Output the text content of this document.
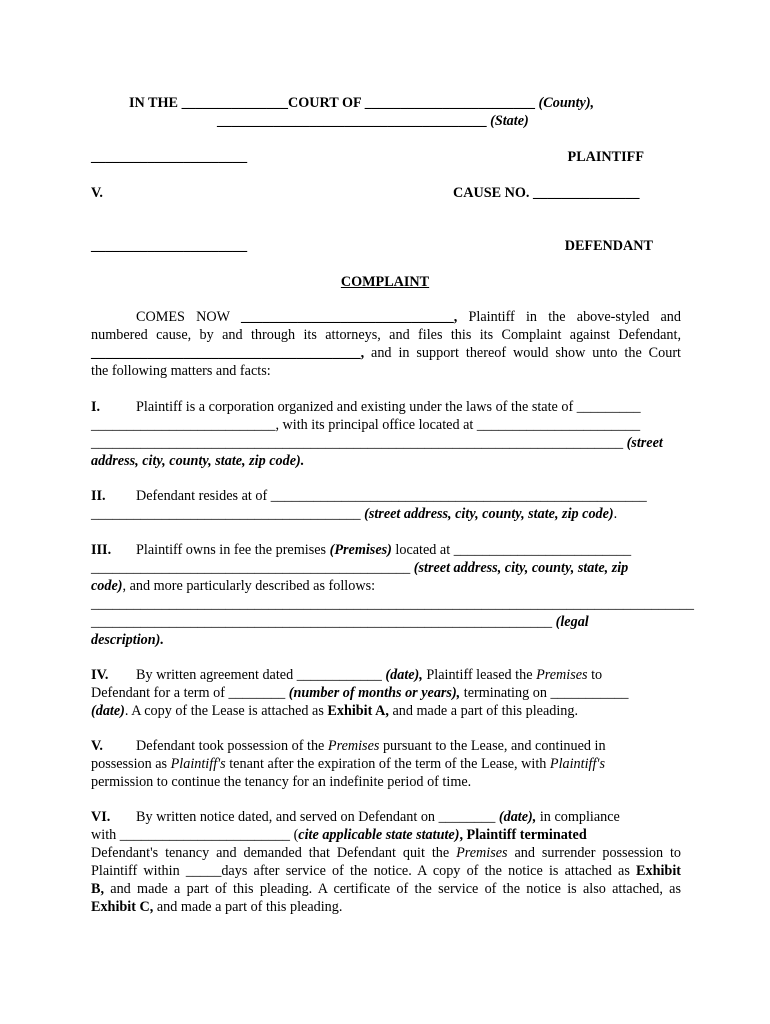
IN THE _______________COURT OF ________________________ (County),
______________________________________ (State)
______________________	PLAINTIFF
V.	CAUSE NO. _______________
______________________	DEFENDANT
COMPLAINT
COMES NOW ______________________________, Plaintiff in the above-styled and
numbered cause, by and through its attorneys, and files this its Complaint against Defendant,
______________________________________, and in support thereof would show unto the Court
the following matters and facts:
I.	Plaintiff is a corporation organized and existing under the laws of the state of _________
__________________________, with its principal office located at _______________________
___________________________________________________________________________ (street
address, city, county, state, zip code).
II. Defendant resides at of _____________________________________________________
______________________________________ (street address, city, county, state, zip code).
III. Plaintiff owns in fee the premises (Premises) located at _________________________
_____________________________________________ (street address, city, county, state, zip
code), and more particularly described as follows:
_____________________________________________________________________________________
_________________________________________________________________ (legal
description).
IV. By written agreement dated ____________ (date), Plaintiff leased the Premises to
Defendant for a term of ________ (number of months or years), terminating on ___________
(date). A copy of the Lease is attached as Exhibit A, and made a part of this pleading.
V. Defendant took possession of the Premises pursuant to the Lease, and continued in
possession as Plaintiff's tenant after the expiration of the term of the Lease, with Plaintiff's
permission to continue the tenancy for an indefinite period of time.
VI. By written notice dated, and served on Defendant on ________ (date), in compliance
with ________________________ (cite applicable state statute), Plaintiff terminated
Defendant's tenancy and demanded that Defendant quit the Premises and surrender possession to
Plaintiff within _____days after service of the notice. A copy of the notice is attached as Exhibit
B, and made a part of this pleading. A certificate of the service of the notice is also attached, as
Exhibit C, and made a part of this pleading.
